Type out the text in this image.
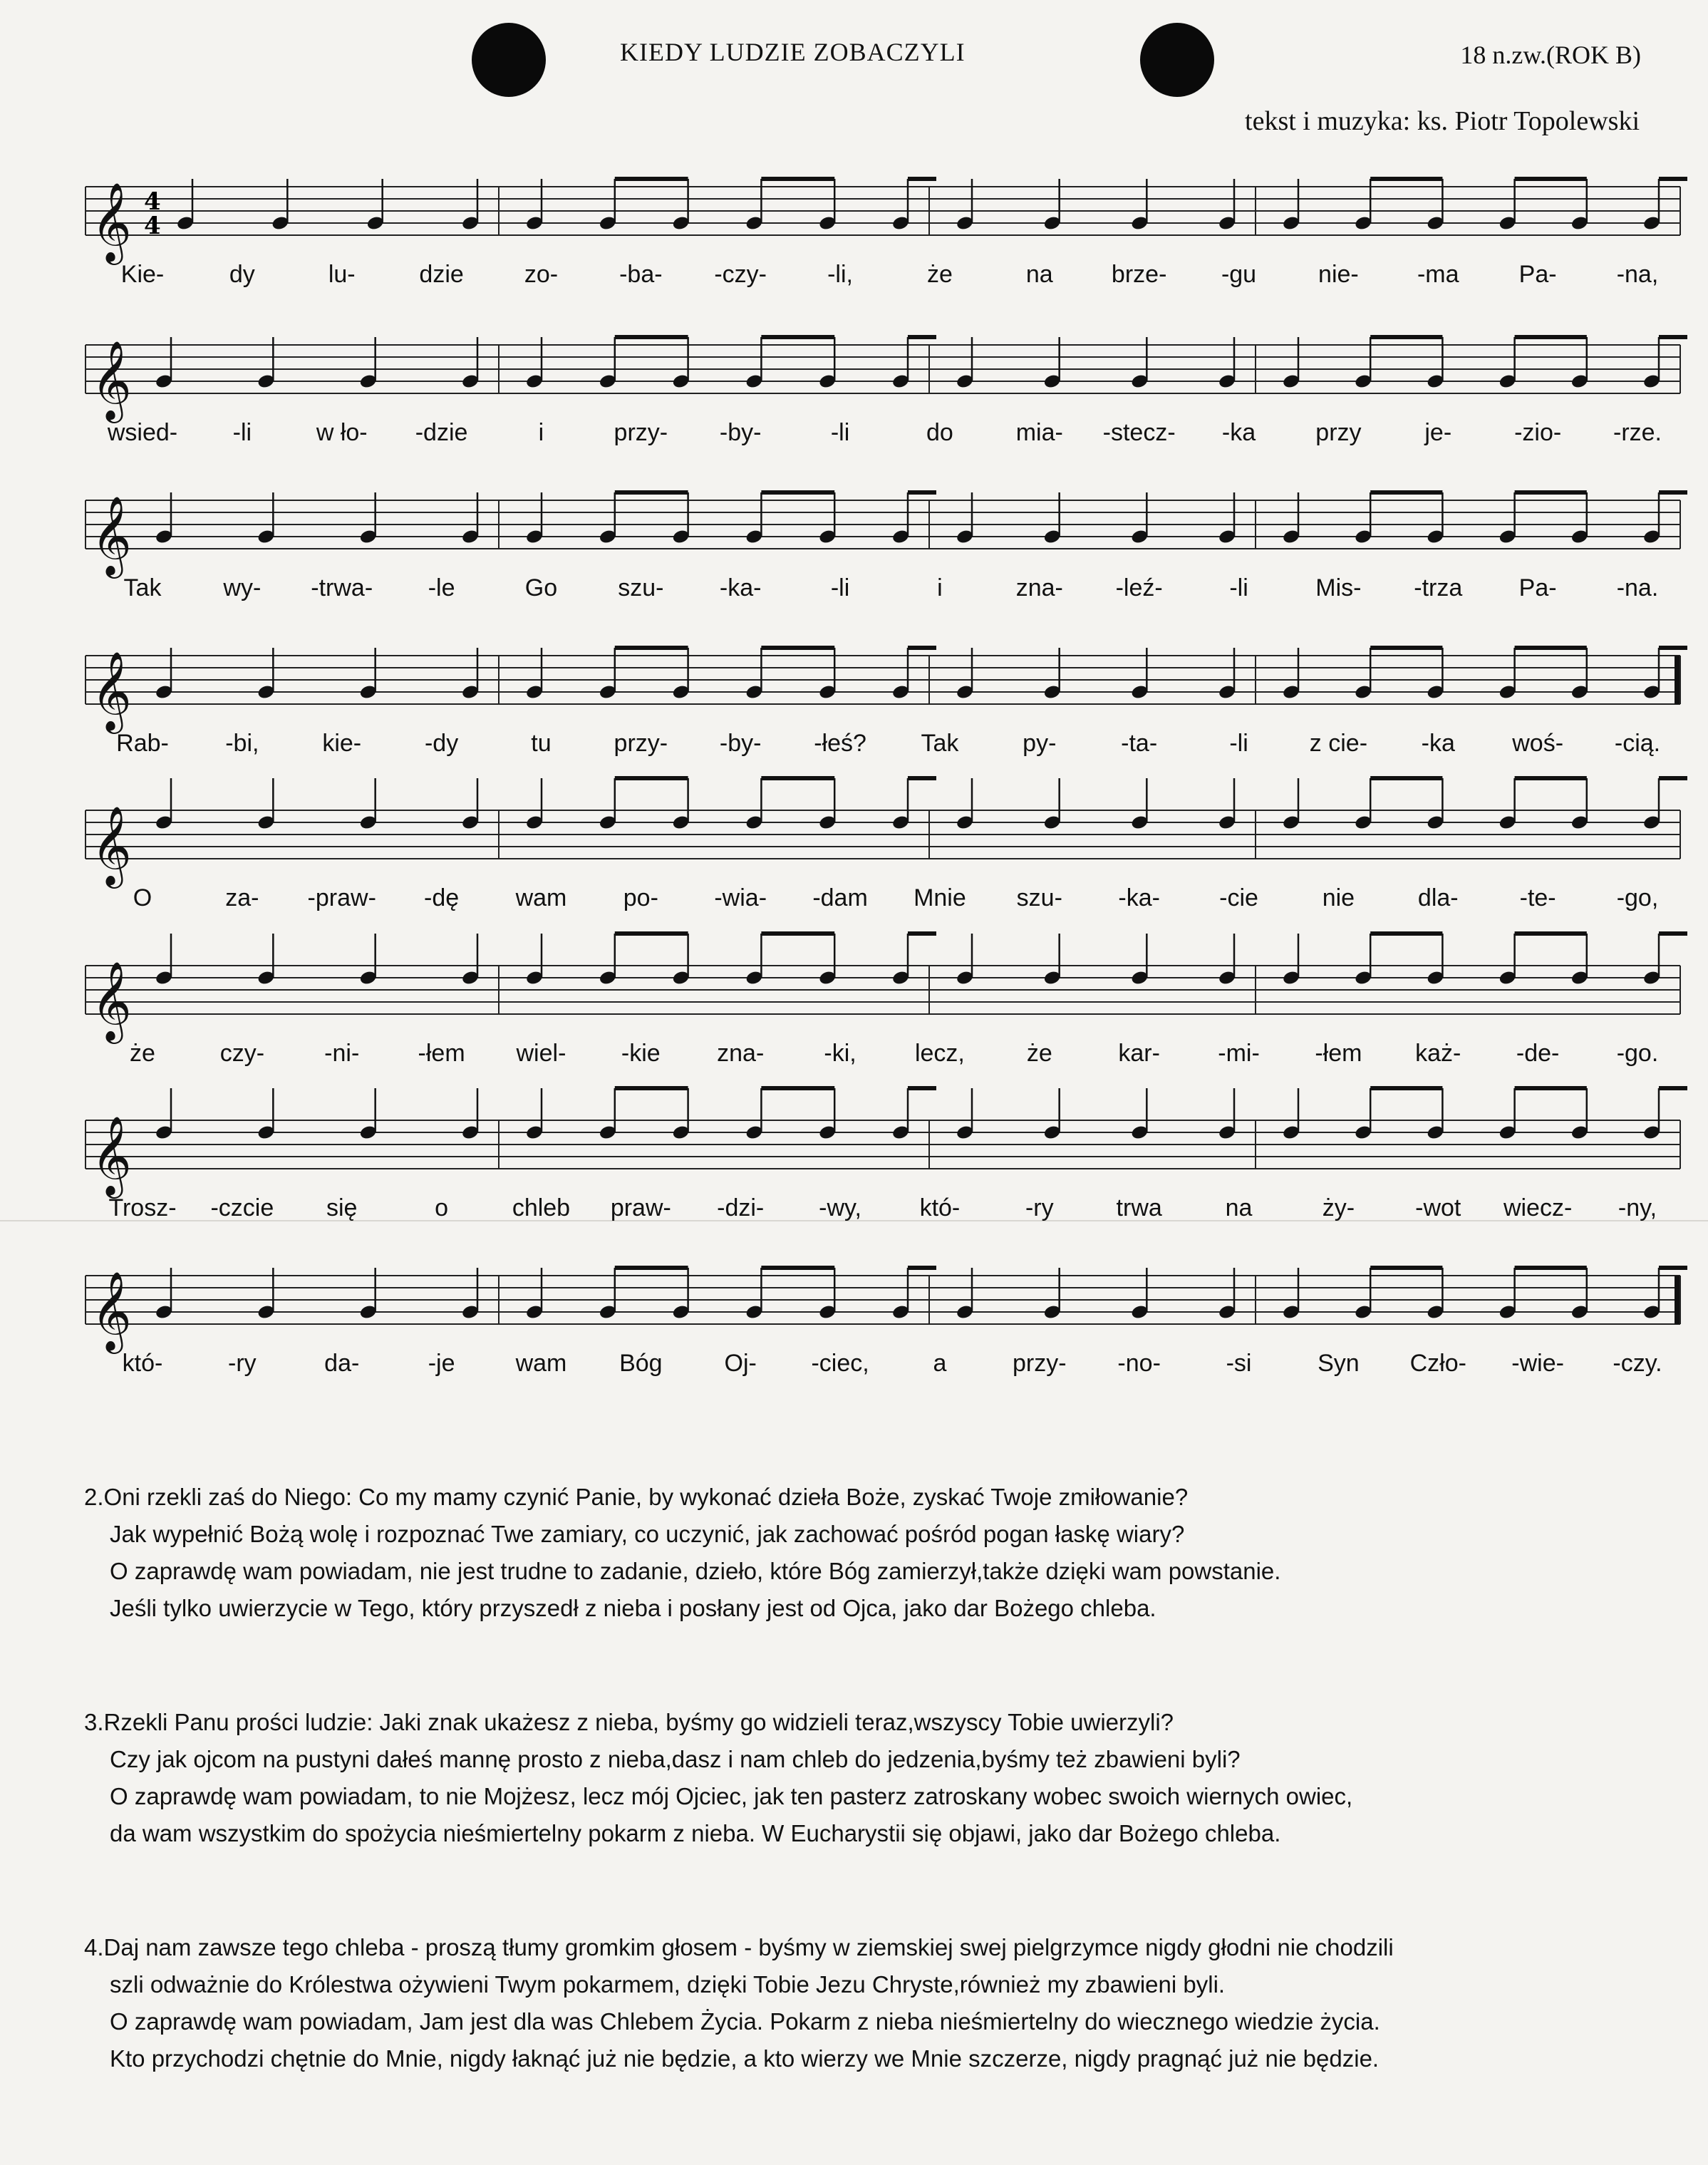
KIEDY LUDZIE ZOBACZYLI	18 n.zw.(ROK B)
tekst i muzyka: ks. Piotr Topolewski
𝄞 4
4
Kie-	dy	lu-	dzie	zo-	-ba- -czy-	-li,	że	na brze- -gu	nie- -ma Pa- -na,
𝄞
wsied- -li	w ło- -dzie	i	przy- -by-	-li	do	mia- -stecz- -ka przy	je-	-zio- -rze.
𝄞
Tak	wy- -trwa- -le	Go	szu- -ka-	-li	i	zna- -leź-	-li	Mis- -trza Pa- -na.
𝄞
Rab- -bi,	kie-	-dy	tu	przy- -by- -łeś? Tak	py-	-ta-	-li	z cie- -ka woś- -cią.
𝄞
O	za- -praw- -dę wam po- -wia- -dam Mnie szu- -ka- -cie	nie	dla-	-te-	-go,
𝄞
że	czy- -ni- -łem wiel- -kie zna- -ki, lecz,	że	kar- -mi- -łem każ- -de- -go.
𝄞
Trosz- -czcie się	o	chleb praw- -dzi- -wy, któ-	-ry	trwa	na	ży-	-wot wiecz- -ny,
𝄞
któ-	-ry	da-	-je	wam Bóg	Oj- -ciec,	a	przy- -no-	-si	Syn Czło- -wie- -czy.
2.Oni rzekli zaś do Niego: Co my mamy czynić Panie, by wykonać dzieła Boże, zyskać Twoje zmiłowanie?
Jak wypełnić Bożą wolę i rozpoznać Twe zamiary, co uczynić, jak zachować pośród pogan łaskę wiary?
O zaprawdę wam powiadam, nie jest trudne to zadanie, dzieło, które Bóg zamierzył,także dzięki wam powstanie.
Jeśli tylko uwierzycie w Tego, który przyszedł z nieba i posłany jest od Ojca, jako dar Bożego chleba.
3.Rzekli Panu prości ludzie: Jaki znak ukażesz z nieba, byśmy go widzieli teraz,wszyscy Tobie uwierzyli?
Czy jak ojcom na pustyni dałeś mannę prosto z nieba,dasz i nam chleb do jedzenia,byśmy też zbawieni byli?
O zaprawdę wam powiadam, to nie Mojżesz, lecz mój Ojciec, jak ten pasterz zatroskany wobec swoich wiernych owiec,
da wam wszystkim do spożycia nieśmiertelny pokarm z nieba. W Eucharystii się objawi, jako dar Bożego chleba.
4.Daj nam zawsze tego chleba - proszą tłumy gromkim głosem - byśmy w ziemskiej swej pielgrzymce nigdy głodni nie chodzili
szli odważnie do Królestwa ożywieni Twym pokarmem, dzięki Tobie Jezu Chryste,również my zbawieni byli.
O zaprawdę wam powiadam, Jam jest dla was Chlebem Życia. Pokarm z nieba nieśmiertelny do wiecznego wiedzie życia.
Kto przychodzi chętnie do Mnie, nigdy łaknąć już nie będzie, a kto wierzy we Mnie szczerze, nigdy pragnąć już nie będzie.
